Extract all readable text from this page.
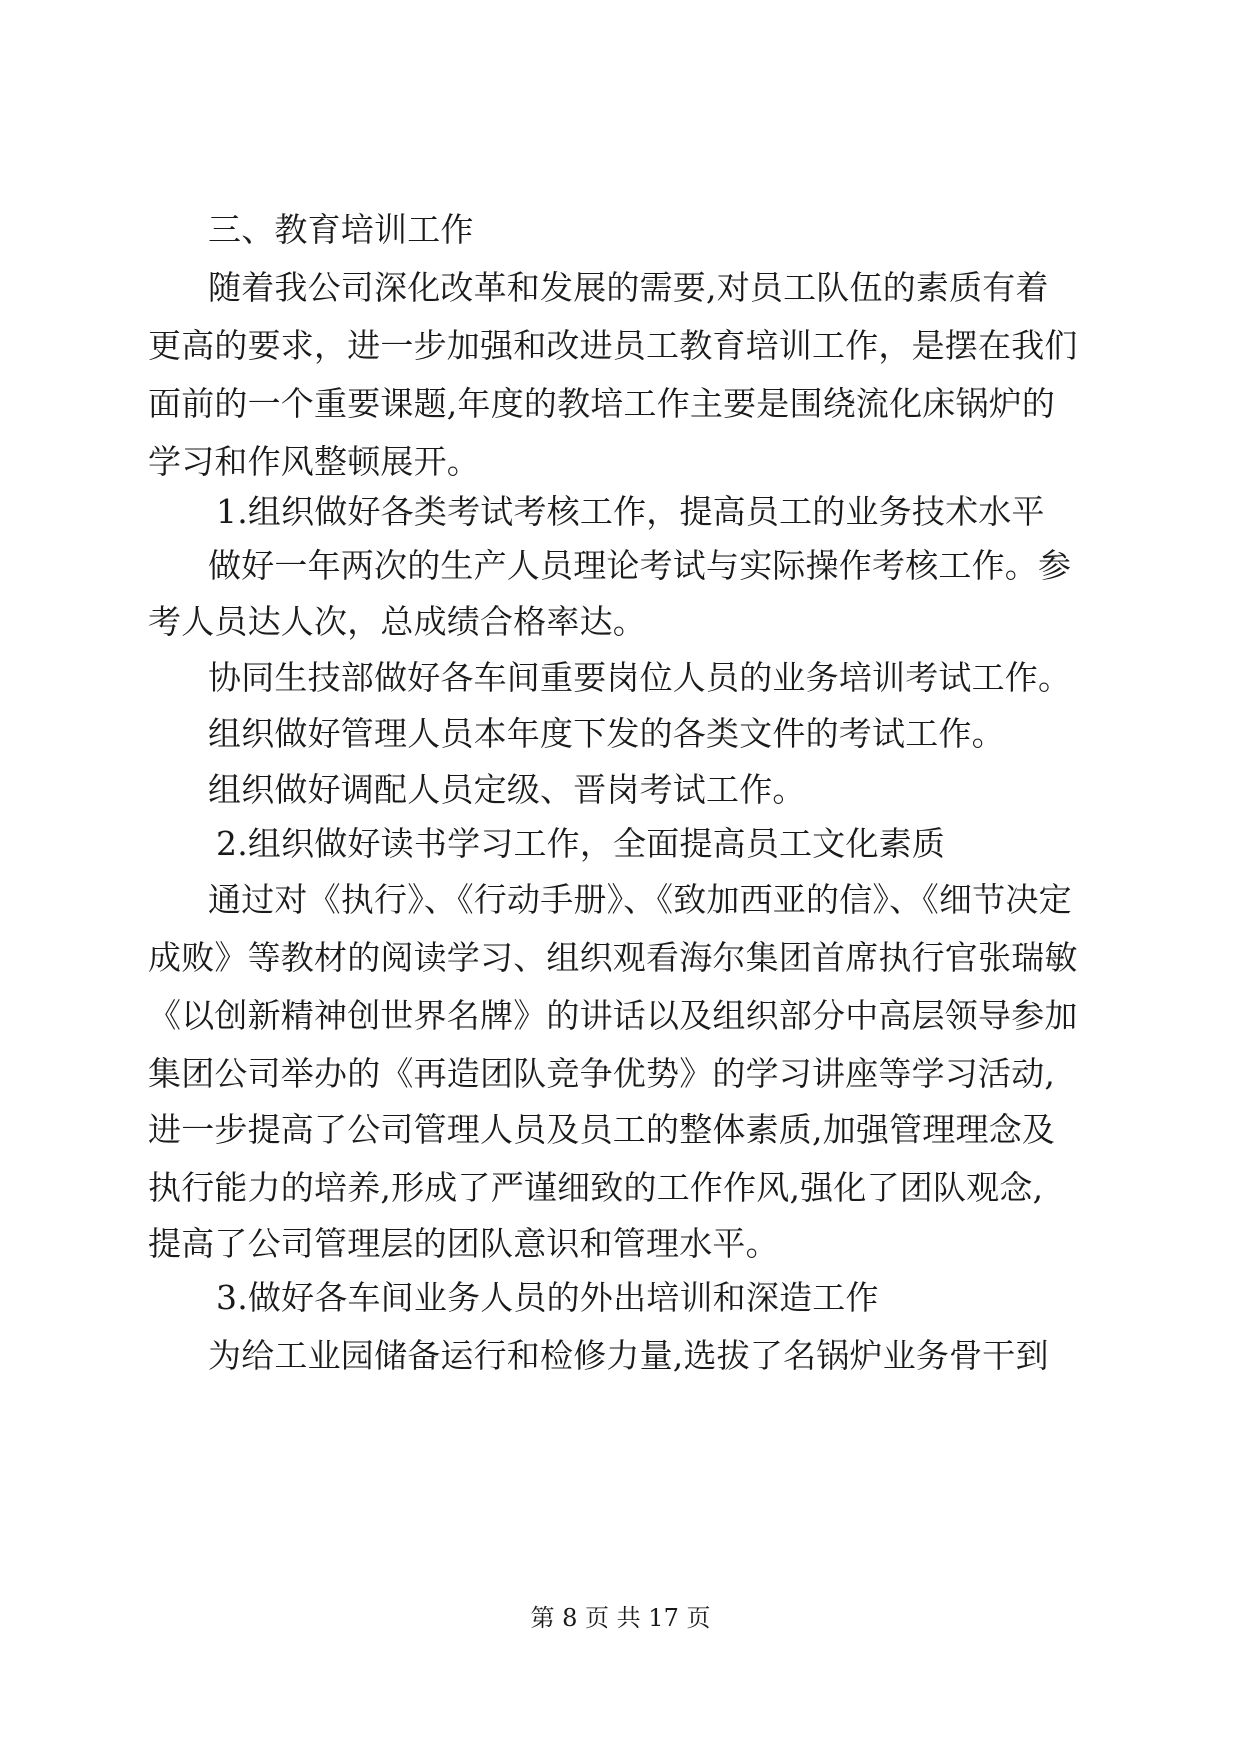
三、教育培训工作
随着我公司深化改革和发展的需要,对员工队伍的素质有着
更高的要求，进一步加强和改进员工教育培训工作，是摆在我们
面前的一个重要课题,年度的教培工作主要是围绕流化床锅炉的
学习和作风整顿展开。
1.组织做好各类考试考核工作，提高员工的业务技术水平
做好一年两次的生产人员理论考试与实际操作考核工作。参
考人员达人次，总成绩合格率达。
协同生技部做好各车间重要岗位人员的业务培训考试工作。
组织做好管理人员本年度下发的各类文件的考试工作。
组织做好调配人员定级、晋岗考试工作。
2.组织做好读书学习工作，全面提高员工文化素质
通过对《执行》、《行动手册》、《致加西亚的信》、《细节决定
成败》等教材的阅读学习、组织观看海尔集团首席执行官张瑞敏
《以创新精神创世界名牌》的讲话以及组织部分中高层领导参加
集团公司举办的《再造团队竞争优势》的学习讲座等学习活动,
进一步提高了公司管理人员及员工的整体素质,加强管理理念及
执行能力的培养,形成了严谨细致的工作作风,强化了团队观念,
提高了公司管理层的团队意识和管理水平。
3.做好各车间业务人员的外出培训和深造工作
为给工业园储备运行和检修力量,选拔了名锅炉业务骨干到
第 8 页 共 17 页
